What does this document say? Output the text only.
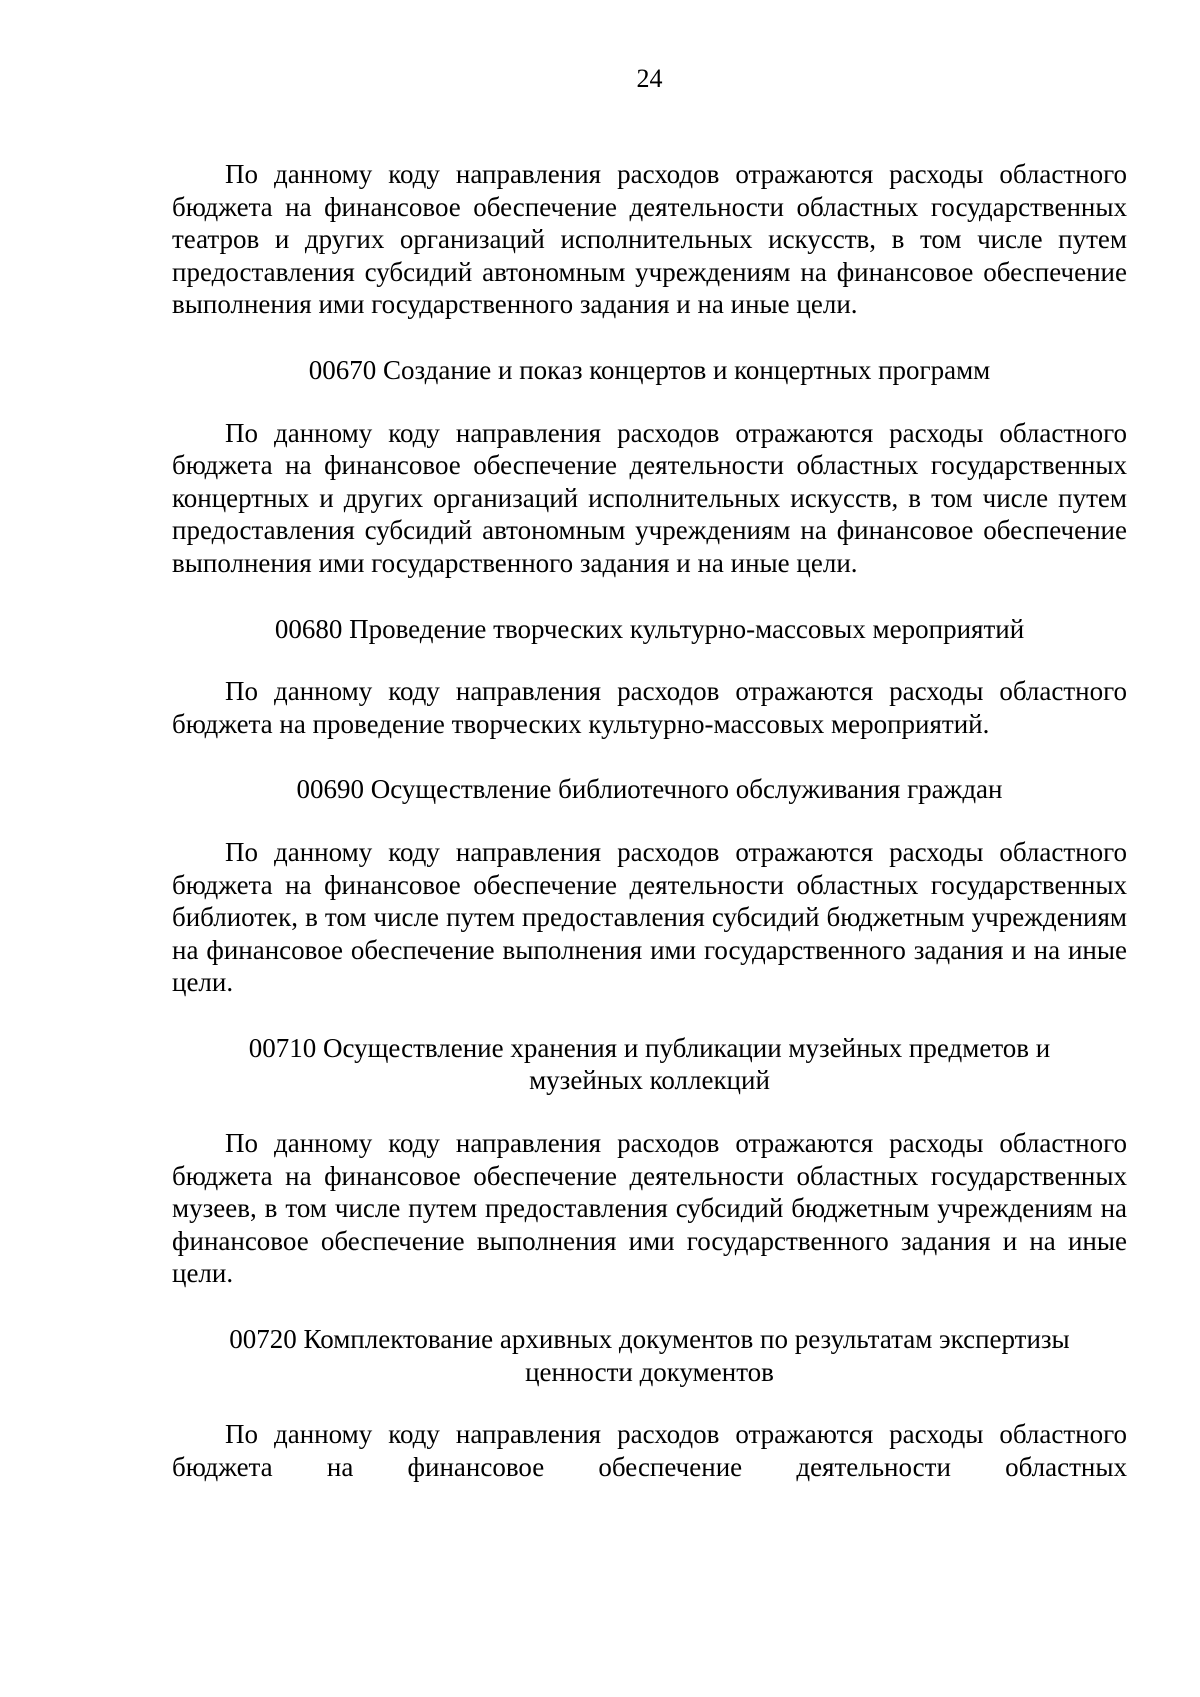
24

По данному коду направления расходов отражаются расходы областного бюджета на финансовое обеспечение деятельности областных государственных театров и других организаций исполнительных искусств, в том числе путем предоставления субсидий автономным учреждениям на финансовое обеспечение выполнения ими государственного задания и на иные цели.

00670 Создание и показ концертов и концертных программ

По данному коду направления расходов отражаются расходы областного бюджета на финансовое обеспечение деятельности областных государственных концертных и других организаций исполнительных искусств, в том числе путем предоставления субсидий автономным учреждениям на финансовое обеспечение выполнения ими государственного задания и на иные цели.

00680 Проведение творческих культурно-массовых мероприятий

По данному коду направления расходов отражаются расходы областного бюджета на проведение творческих культурно-массовых мероприятий.

00690 Осуществление библиотечного обслуживания граждан

По данному коду направления расходов отражаются расходы областного бюджета на финансовое обеспечение деятельности областных государственных библиотек, в том числе путем предоставления субсидий бюджетным учреждениям на финансовое обеспечение выполнения ими государственного задания и на иные цели.

00710 Осуществление хранения и публикации музейных предметов и
музейных коллекций

По данному коду направления расходов отражаются расходы областного бюджета на финансовое обеспечение деятельности областных государственных музеев, в том числе путем предоставления субсидий бюджетным учреждениям на финансовое обеспечение выполнения ими государственного задания и на иные цели.

00720 Комплектование архивных документов по результатам экспертизы
ценности документов

По данному коду направления расходов отражаются расходы областного бюджета на финансовое обеспечение деятельности областных
